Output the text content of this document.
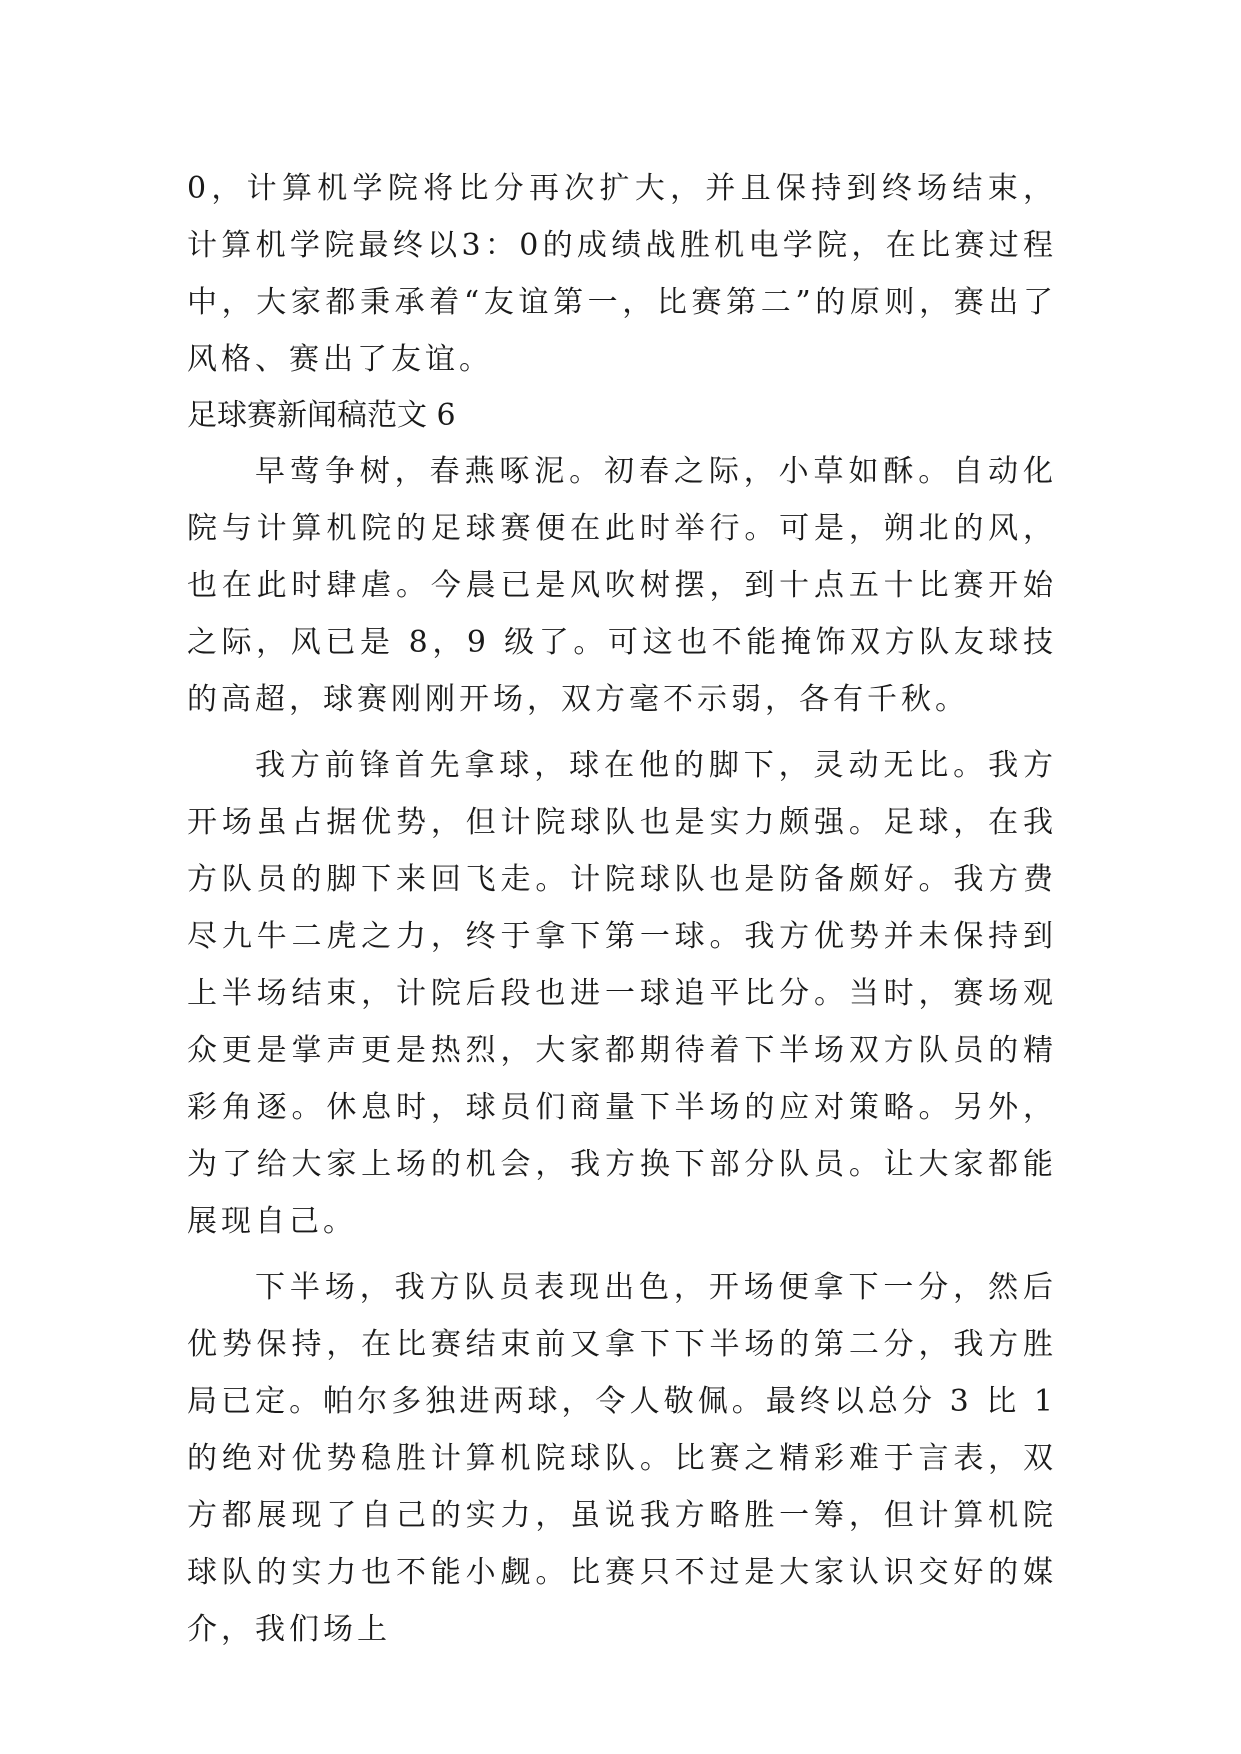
0，计算机学院将比分再次扩大，并且保持到终场结束，计算机学院最终以3：0的成绩战胜机电学院，在比赛过程中，大家都秉承着“友谊第一，比赛第二”的原则，赛出了风格、赛出了友谊。

足球赛新闻稿范文 6

早莺争树，春燕啄泥。初春之际，小草如酥。自动化院与计算机院的足球赛便在此时举行。可是，朔北的风，也在此时肆虐。今晨已是风吹树摆，到十点五十比赛开始之际，风已是 8，9 级了。可这也不能掩饰双方队友球技的高超，球赛刚刚开场，双方毫不示弱，各有千秋。

我方前锋首先拿球，球在他的脚下，灵动无比。我方开场虽占据优势，但计院球队也是实力颇强。足球，在我方队员的脚下来回飞走。计院球队也是防备颇好。我方费尽九牛二虎之力，终于拿下第一球。我方优势并未保持到上半场结束，计院后段也进一球追平比分。当时，赛场观众更是掌声更是热烈，大家都期待着下半场双方队员的精彩角逐。休息时，球员们商量下半场的应对策略。另外，为了给大家上场的机会，我方换下部分队员。让大家都能展现自己。

下半场，我方队员表现出色，开场便拿下一分，然后优势保持，在比赛结束前又拿下下半场的第二分，我方胜局已定。帕尔多独进两球，令人敬佩。最终以总分 3 比 1 的绝对优势稳胜计算机院球队。比赛之精彩难于言表，双方都展现了自己的实力，虽说我方略胜一筹，但计算机院球队的实力也不能小觑。比赛只不过是大家认识交好的媒介，我们场上
